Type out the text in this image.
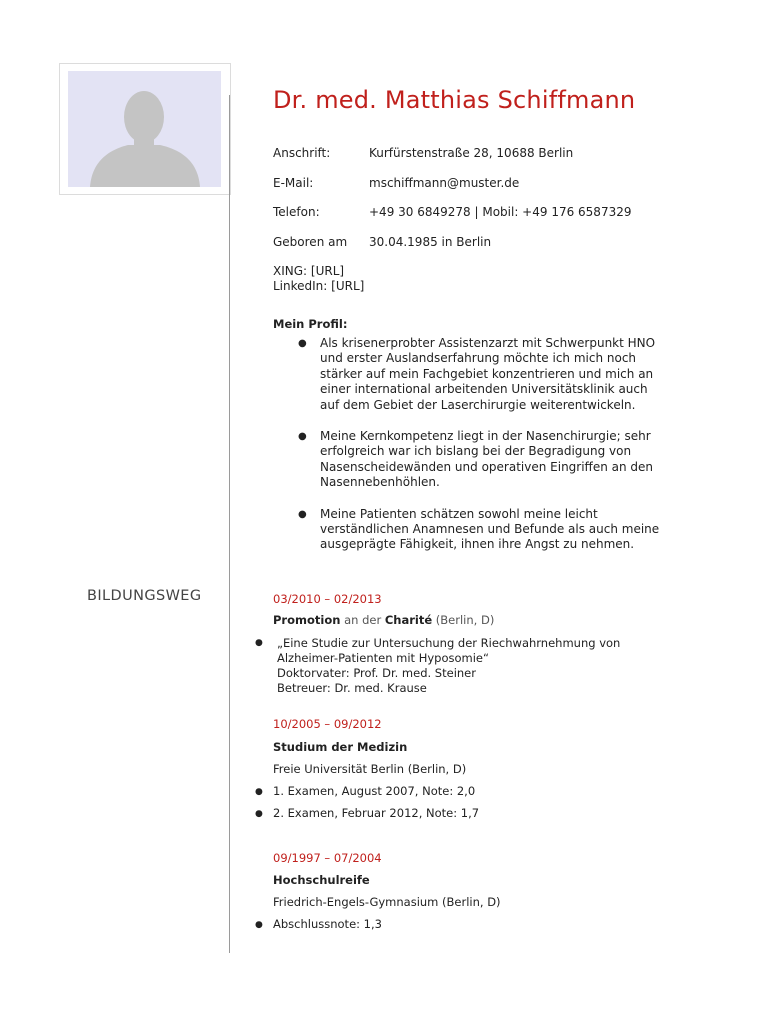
Dr. med. Matthias Schiffmann
Anschrift:	Kurfürstenstraße 28, 10688 Berlin
E-Mail:	mschiffmann@muster.de
Telefon:	+49 30 6849278 | Mobil: +49 176 6587329
Geboren am 30.04.1985 in Berlin
XING: [URL]
LinkedIn: [URL]
Mein Profil:
● Als krisenerprobter Assistenzarzt mit Schwerpunkt HNO
und erster Auslandserfahrung möchte ich mich noch
stärker auf mein Fachgebiet konzentrieren und mich an
einer international arbeitenden Universitätsklinik auch
auf dem Gebiet der Laserchirurgie weiterentwickeln.
● Meine Kernkompetenz liegt in der Nasenchirurgie; sehr
erfolgreich war ich bislang bei der Begradigung von
Nasenscheidewänden und operativen Eingriffen an den
Nasennebenhöhlen.
● Meine Patienten schätzen sowohl meine leicht
verständlichen Anamnesen und Befunde als auch meine
ausgeprägte Fähigkeit, ihnen ihre Angst zu nehmen.
BILDUNGSWEG	03/2010 – 02/2013
Promotion an der Charité (Berlin, D)
● „Eine Studie zur Untersuchung der Riechwahrnehmung von
Alzheimer-Patienten mit Hyposomie“
Doktorvater: Prof. Dr. med. Steiner
Betreuer: Dr. med. Krause
10/2005 – 09/2012
Studium der Medizin
Freie Universität Berlin (Berlin, D)
● 1. Examen, August 2007, Note: 2,0
● 2. Examen, Februar 2012, Note: 1,7
09/1997 – 07/2004
Hochschulreife
Friedrich-Engels-Gymnasium (Berlin, D)
● Abschlussnote: 1,3
